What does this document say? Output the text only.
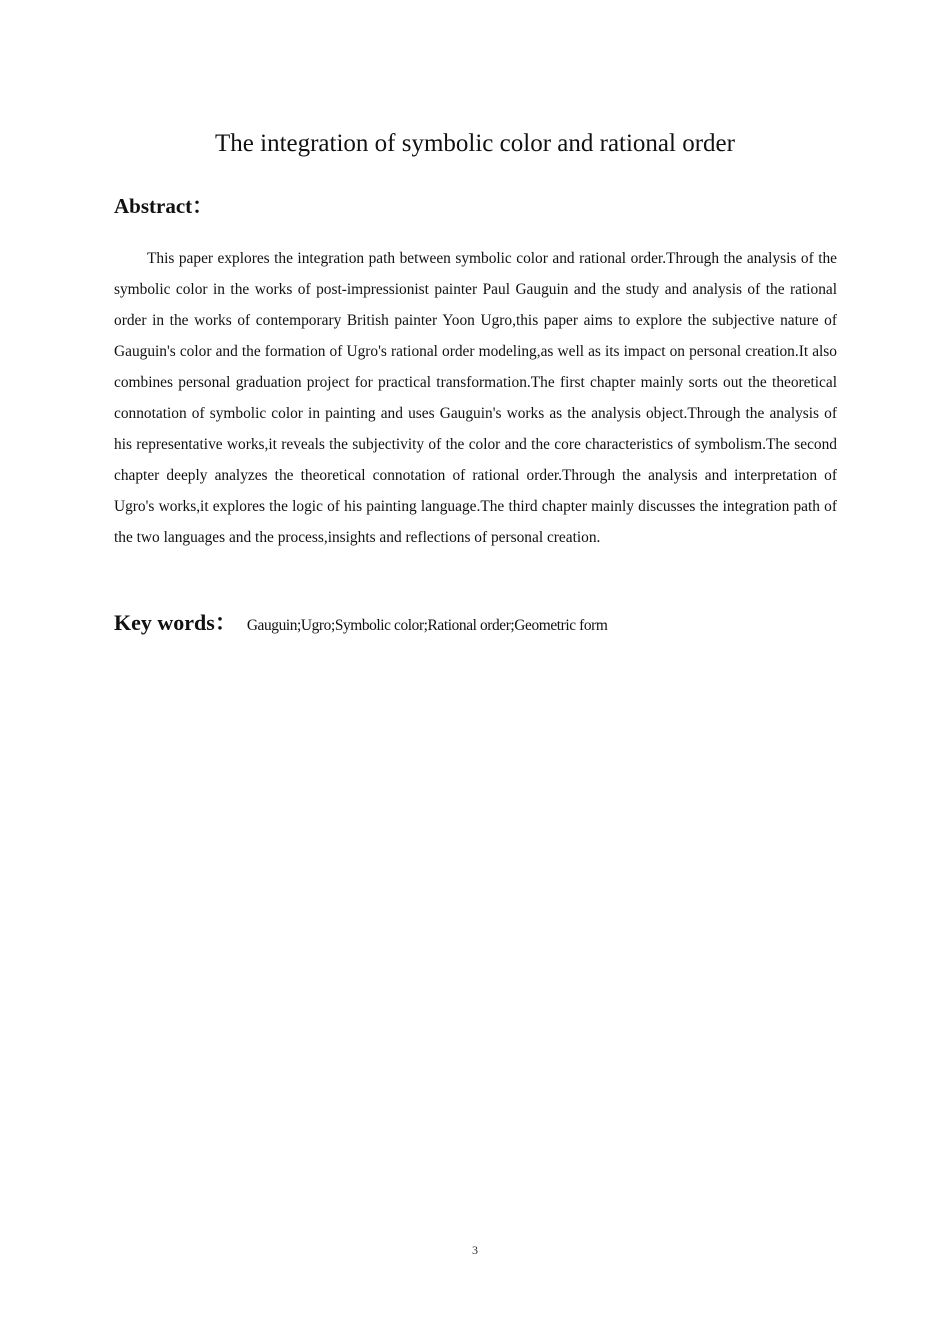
The integration of symbolic color and rational order
Abstract：

This paper explores the integration path between symbolic color and rational order.Through the analysis of the symbolic color in the works of post-impressionist painter Paul Gauguin and the study and analysis of the rational order in the works of contemporary British painter Yoon Ugro,this paper aims to explore the subjective nature of Gauguin's color and the formation of Ugro's rational order modeling,as well as its impact on personal creation.It also combines personal graduation project for practical transformation.The first chapter mainly sorts out the theoretical connotation of symbolic color in painting and uses Gauguin's works as the analysis object.Through the analysis of his representative works,it reveals the subjectivity of the color and the core characteristics of symbolism.The second chapter deeply analyzes the theoretical connotation of rational order.Through the analysis and interpretation of Ugro's works,it explores the logic of his painting language.The third chapter mainly discusses the integration path of the two languages and the process,insights and reflections of personal creation.

Key words： Gauguin;Ugro;Symbolic color;Rational order;Geometric form
3
